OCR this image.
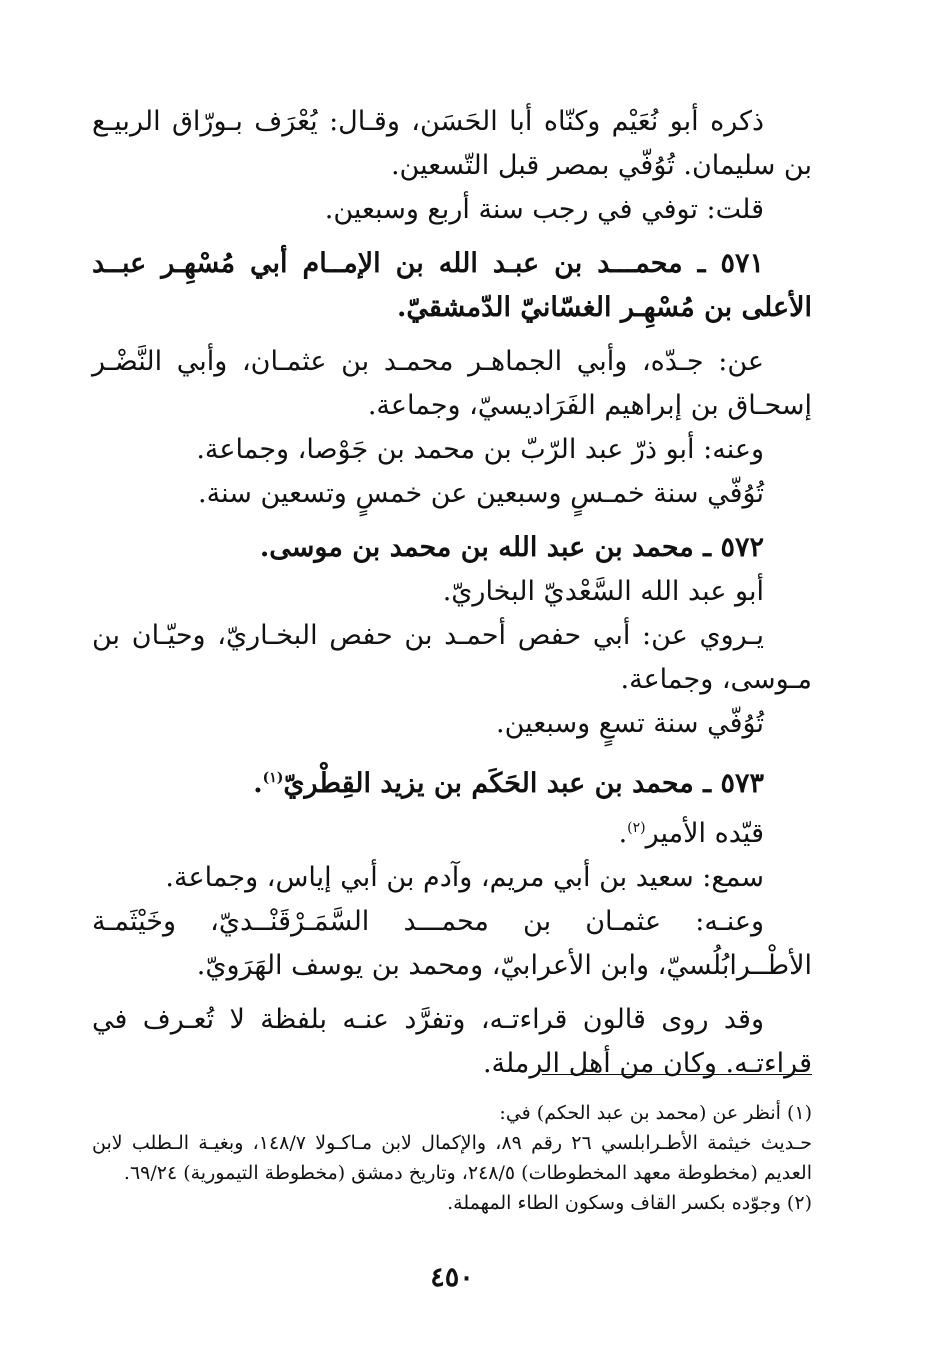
ذكره أبو نُعَيْم وكنّاه أبا الحَسَن، وقـال: يُعْرَف بـورّاق الربيـع بن سليمان. تُوُفّي بمصر قبل التّسعين.

قلت: توفي في رجب سنة أربع وسبعين.

٥٧١ ـ محمـــد بن عبـد الله بن الإمــام أبي مُسْهِـر عبــد الأعلى بن مُسْهِـر الغسّانيّ الدّمشقيّ.

عن: جـدّه، وأبي الجماهـر محمـد بن عثمـان، وأبي النَّضْـر إسحـاق بن إبراهيم الفَرَاديسيّ، وجماعة.

وعنه: أبو ذرّ عبد الرّبّ بن محمد بن جَوْصا، وجماعة.

تُوُفّي سنة خمـسٍ وسبعين عن خمسٍ وتسعين سنة.

٥٧٢ ـ محمد بن عبد الله بن محمد بن موسى.

أبو عبد الله السَّعْديّ البخاريّ.

يـروي عن: أبي حفص أحمـد بن حفص البخـاريّ، وحيّـان بن مـوسى، وجماعة.

تُوُفّي سنة تسعٍ وسبعين.

٥٧٣ ـ محمد بن عبد الحَكَم بن يزيد القِطْريّ$^{(١)}$.

قيّده الأمير$^{(٢)}$.

سمع: سعيد بن أبي مريم، وآدم بن أبي إياس، وجماعة.

وعنـه: عثمـان بن محمـــد السَّمَـرْقَنْــديّ، وخَيْثَمـة الأطْــرابُلُسيّ، وابن الأعرابيّ، ومحمد بن يوسف الهَرَويّ.

وقد روى قالون قراءتـه، وتفرَّد عنـه بلفظة لا تُعـرف في قراءتـه. وكان من أهل الرملة.

(١) أنظر عن (محمد بن عبد الحكم) في:

حـديث خيثمة الأطـرابلسي ٢٦ رقم ٨٩، والإكمال لابن مـاكـولا ١٤٨/٧، وبغيـة الـطلب لابن العديم (مخطوطة معهد المخطوطات) ٢٤٨/٥، وتاريخ دمشق (مخطوطة التيمورية) ٦٩/٢٤.

(٢) وجوّده بكسر القاف وسكون الطاء المهملة.

٤٥٠
